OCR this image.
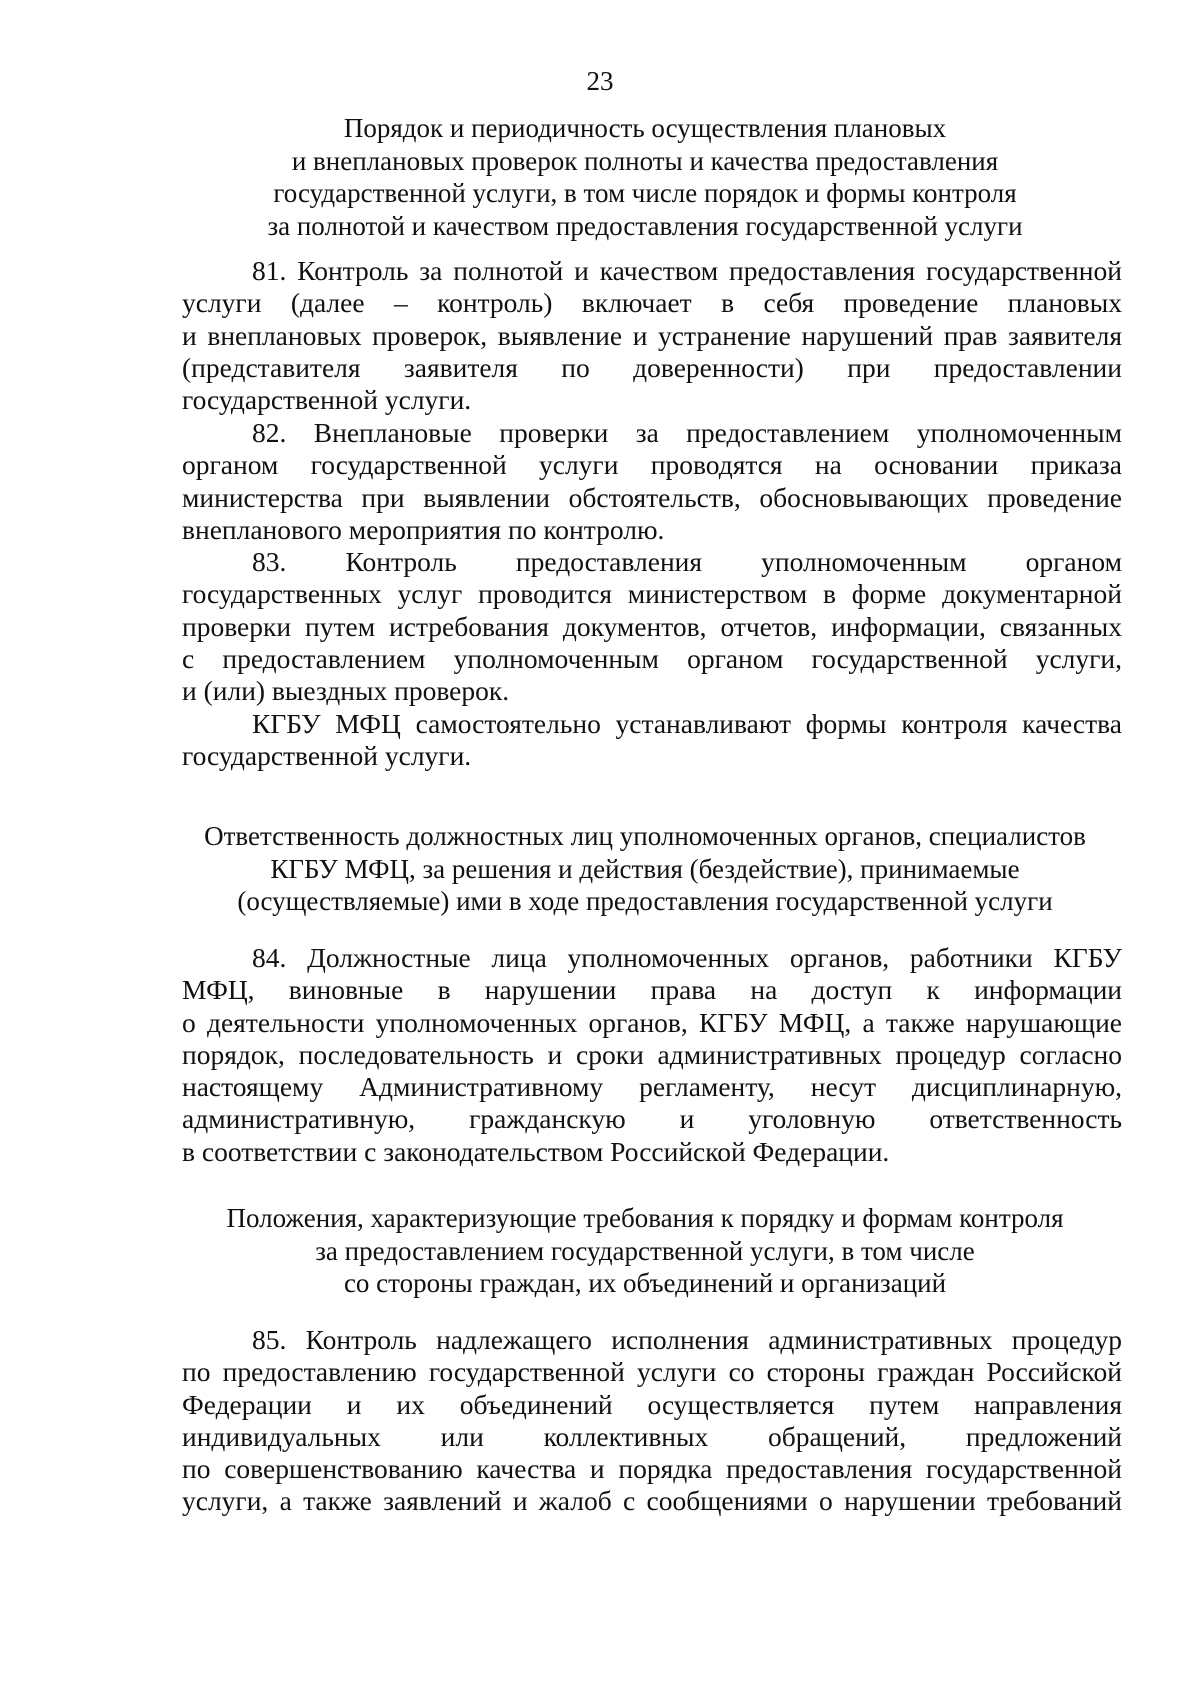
23
Порядок и периодичность осуществления плановых
и внеплановых проверок полноты и качества предоставления
государственной услуги, в том числе порядок и формы контроля
за полнотой и качеством предоставления государственной услуги
81. Контроль за полнотой и качеством предоставления государственной
услуги (далее – контроль) включает в себя проведение плановых
и внеплановых проверок, выявление и устранение нарушений прав заявителя
(представителя заявителя по доверенности) при предоставлении
государственной услуги.
82. Внеплановые проверки за предоставлением уполномоченным
органом государственной услуги проводятся на основании приказа
министерства при выявлении обстоятельств, обосновывающих проведение
внепланового мероприятия по контролю.
83. Контроль предоставления уполномоченным органом
государственных услуг проводится министерством в форме документарной
проверки путем истребования документов, отчетов, информации, связанных
с предоставлением уполномоченным органом государственной услуги,
и (или) выездных проверок.
КГБУ МФЦ самостоятельно устанавливают формы контроля качества
государственной услуги.
Ответственность должностных лиц уполномоченных органов, специалистов
КГБУ МФЦ, за решения и действия (бездействие), принимаемые
(осуществляемые) ими в ходе предоставления государственной услуги
84. Должностные лица уполномоченных органов, работники КГБУ
МФЦ, виновные в нарушении права на доступ к информации
о деятельности уполномоченных органов, КГБУ МФЦ, а также нарушающие
порядок, последовательность и сроки административных процедур согласно
настоящему Административному регламенту, несут дисциплинарную,
административную, гражданскую и уголовную ответственность
в соответствии с законодательством Российской Федерации.
Положения, характеризующие требования к порядку и формам контроля
за предоставлением государственной услуги, в том числе
со стороны граждан, их объединений и организаций
85. Контроль надлежащего исполнения административных процедур
по предоставлению государственной услуги со стороны граждан Российской
Федерации и их объединений осуществляется путем направления
индивидуальных или коллективных обращений, предложений
по совершенствованию качества и порядка предоставления государственной
услуги, а также заявлений и жалоб с сообщениями о нарушении требований
